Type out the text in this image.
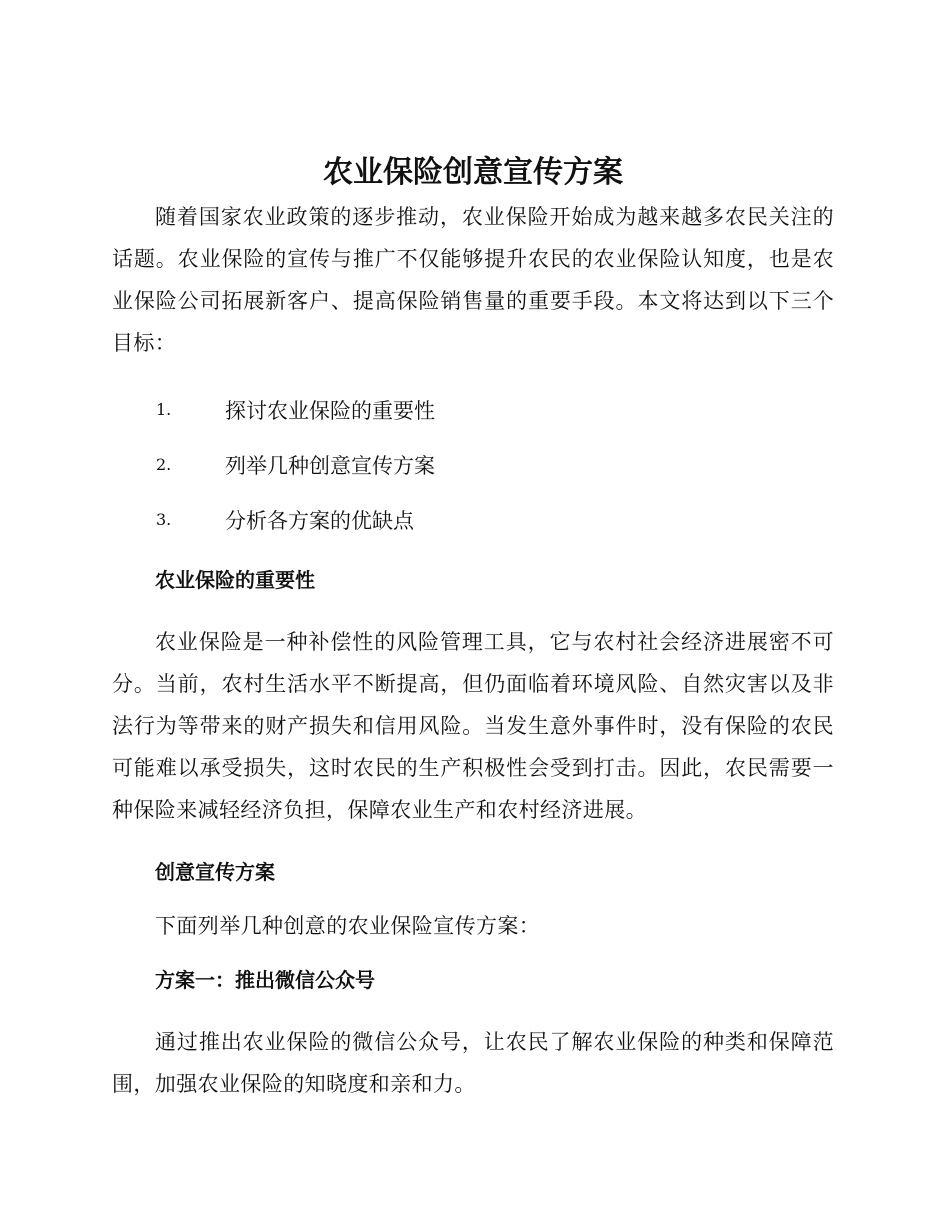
农业保险创意宣传方案

随着国家农业政策的逐步推动，农业保险开始成为越来越多农民关注的话题。农业保险的宣传与推广不仅能够提升农民的农业保险认知度，也是农业保险公司拓展新客户、提高保险销售量的重要手段。本文将达到以下三个目标：

1.	探讨农业保险的重要性
2.	列举几种创意宣传方案
3.	分析各方案的优缺点
农业保险的重要性

农业保险是一种补偿性的风险管理工具，它与农村社会经济进展密不可分。当前，农村生活水平不断提高，但仍面临着环境风险、自然灾害以及非法行为等带来的财产损失和信用风险。当发生意外事件时，没有保险的农民可能难以承受损失，这时农民的生产积极性会受到打击。因此，农民需要一种保险来减轻经济负担，保障农业生产和农村经济进展。

创意宣传方案

下面列举几种创意的农业保险宣传方案：

方案一：推出微信公众号

通过推出农业保险的微信公众号，让农民了解农业保险的种类和保障范围，加强农业保险的知晓度和亲和力。
